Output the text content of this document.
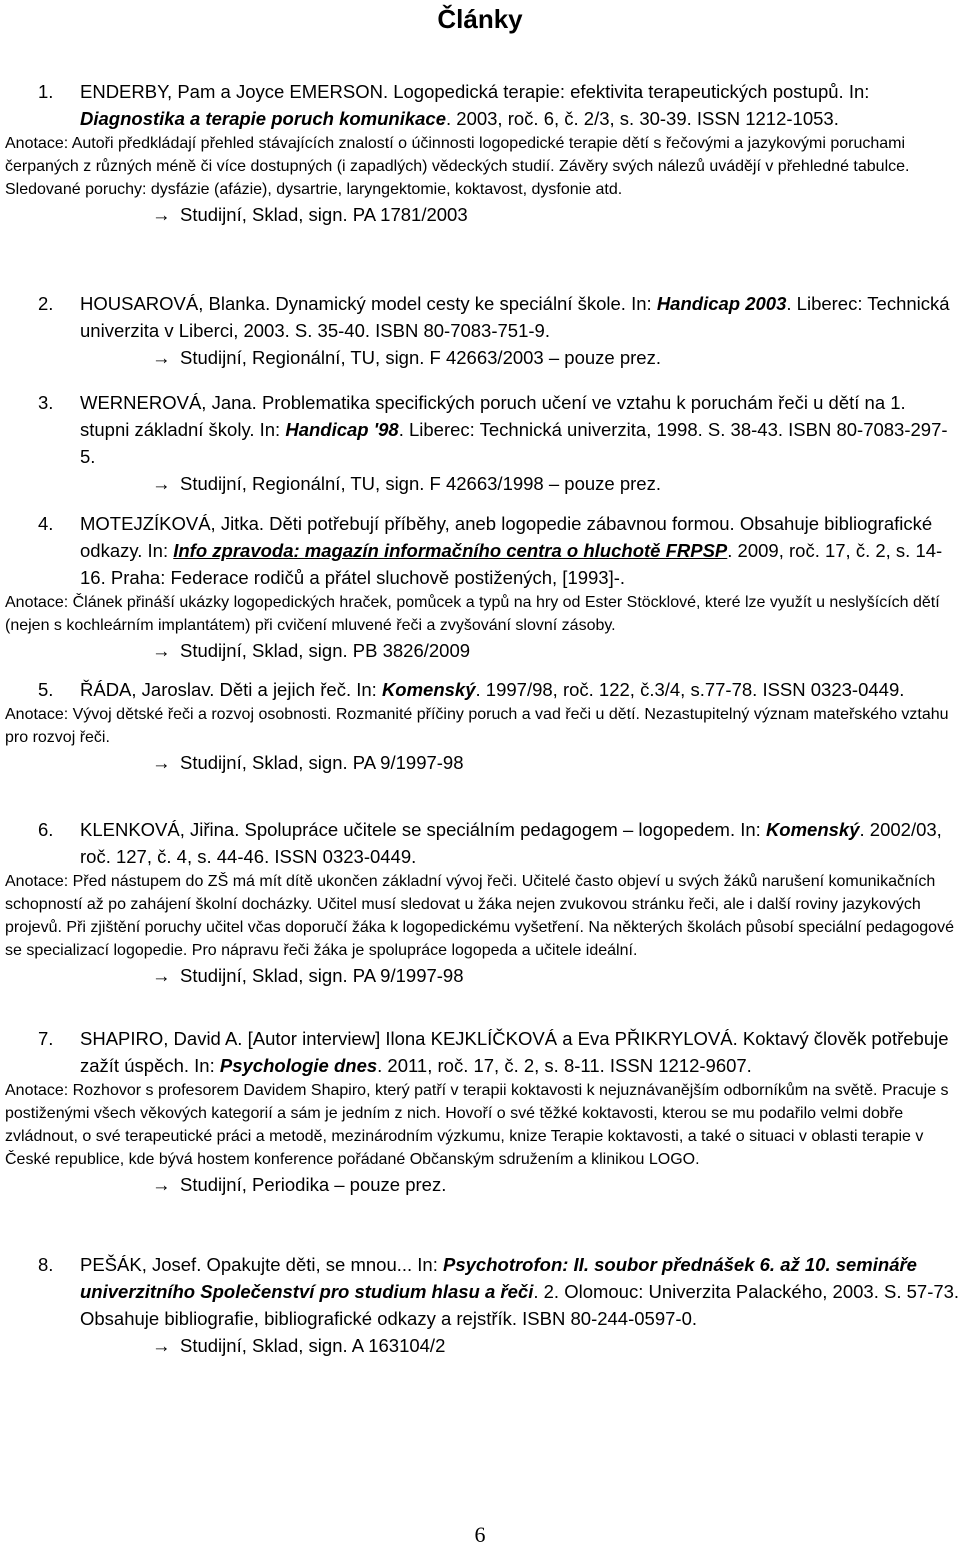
Články
1. ENDERBY, Pam a Joyce EMERSON. Logopedická terapie: efektivita terapeutických postupů. In: Diagnostika a terapie poruch komunikace. 2003, roč. 6, č. 2/3, s. 30-39. ISSN 1212-1053.
Anotace: Autoři předkládají přehled stávajících znalostí o účinnosti logopedické terapie dětí s řečovými a jazykovými poruchami čerpaných z různých méně či více dostupných (i zapadlých) vědeckých studií. Závěry svých nálezů uvádějí v přehledné tabulce. Sledované poruchy: dysfázie (afázie), dysartrie, laryngektomie, koktavost, dysfonie atd.
→ Studijní, Sklad, sign. PA 1781/2003
2. HOUSAROVÁ, Blanka. Dynamický model cesty ke speciální škole. In: Handicap 2003. Liberec: Technická univerzita v Liberci, 2003. S. 35-40. ISBN 80-7083-751-9.
→ Studijní, Regionální, TU, sign. F 42663/2003 – pouze prez.
3. WERNEROVÁ, Jana. Problematika specifických poruch učení ve vztahu k poruchám řeči u dětí na 1. stupni základní školy. In: Handicap '98. Liberec: Technická univerzita, 1998. S. 38-43. ISBN 80-7083-297-5.
→ Studijní, Regionální, TU, sign. F 42663/1998 – pouze prez.
4. MOTEJZÍKOVÁ, Jitka. Děti potřebují příběhy, aneb logopedie zábavnou formou. Obsahuje bibliografické odkazy. In: Info zpravoda: magazín informačního centra o hluchotě FRPSP. 2009, roč. 17, č. 2, s. 14-16. Praha: Federace rodičů a přátel sluchově postižených, [1993]-.
Anotace: Článek přináší ukázky logopedických hraček, pomůcek a typů na hry od Ester Stöcklové, které lze využít u neslyšících dětí (nejen s kochleárním implantátem) při cvičení mluvené řeči a zvyšování slovní zásoby.
→ Studijní, Sklad, sign. PB 3826/2009
5. ŘÁDA, Jaroslav. Děti a jejich řeč. In: Komenský. 1997/98, roč. 122, č.3/4, s.77-78. ISSN 0323-0449.
Anotace: Vývoj dětské řeči a rozvoj osobnosti. Rozmanité příčiny poruch a vad řeči u dětí. Nezastupitelný význam mateřského vztahu pro rozvoj řeči.
→ Studijní, Sklad, sign. PA 9/1997-98
6. KLENKOVÁ, Jiřina. Spolupráce učitele se speciálním pedagogem – logopedem. In: Komenský. 2002/03, roč. 127, č. 4, s. 44-46. ISSN 0323-0449.
Anotace: Před nástupem do ZŠ má mít dítě ukončen základní vývoj řeči. Učitelé často objeví u svých žáků narušení komunikačních schopností až po zahájení školní docházky. Učitel musí sledovat u žáka nejen zvukovou stránku řeči, ale i další roviny jazykových projevů. Při zjištění poruchy učitel včas doporučí žáka k logopedickému vyšetření. Na některých školách působí speciální pedagogové se specializací logopedie. Pro nápravu řeči žáka je spolupráce logopeda a učitele ideální.
→ Studijní, Sklad, sign. PA 9/1997-98
7. SHAPIRO, David A. [Autor interview] Ilona KEJKLÍČKOVÁ a Eva PŘIKRYLOVÁ. Koktavý člověk potřebuje zažít úspěch. In: Psychologie dnes. 2011, roč. 17, č. 2, s. 8-11. ISSN 1212-9607.
Anotace: Rozhovor s profesorem Davidem Shapiro, který patří v terapii koktavosti k nejuznávanějším odborníkům na světě. Pracuje s postiženými všech věkových kategorií a sám je jedním z nich. Hovoří o své těžké koktavosti, kterou se mu podařilo velmi dobře zvládnout, o své terapeutické práci a metodě, mezinárodním výzkumu, knize Terapie koktavosti, a také o situaci v oblasti terapie v České republice, kde bývá hostem konference pořádané Občanským sdružením a klinikou LOGO.
→ Studijní, Periodika – pouze prez.
8. PEŠÁK, Josef. Opakujte děti, se mnou... In: Psychotrofon: II. soubor přednášek 6. až 10. semináře univerzitního Společenství pro studium hlasu a řeči. 2. Olomouc: Univerzita Palackého, 2003. S. 57-73. Obsahuje bibliografie, bibliografické odkazy a rejstřík. ISBN 80-244-0597-0.
→ Studijní, Sklad, sign. A 163104/2
6
